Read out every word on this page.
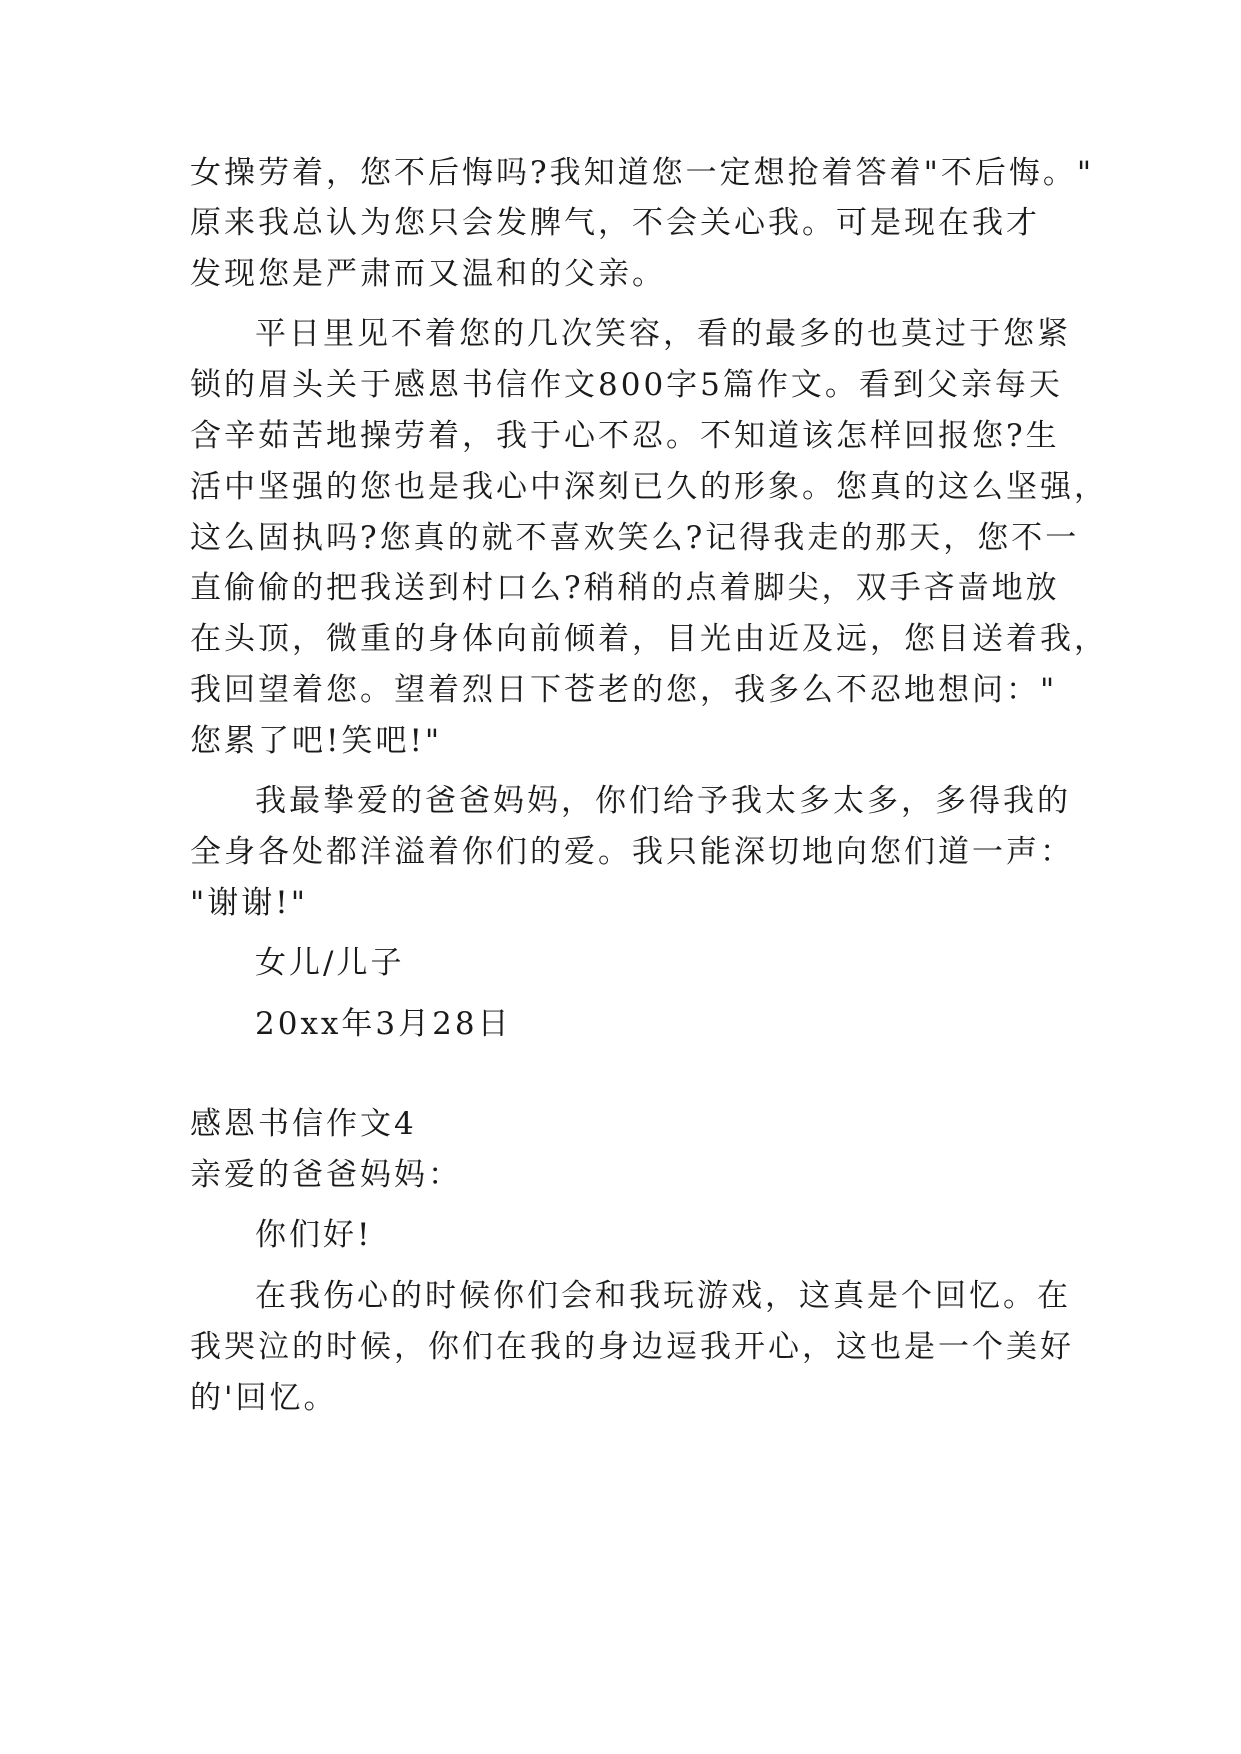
女操劳着，您不后悔吗?我知道您一定想抢着答着"不后悔。"
原来我总认为您只会发脾气，不会关心我。可是现在我才
发现您是严肃而又温和的父亲。
平日里见不着您的几次笑容，看的最多的也莫过于您紧
锁的眉头关于感恩书信作文800字5篇作文。看到父亲每天
含辛茹苦地操劳着，我于心不忍。不知道该怎样回报您?生
活中坚强的您也是我心中深刻已久的形象。您真的这么坚强，
这么固执吗?您真的就不喜欢笑么?记得我走的那天，您不一
直偷偷的把我送到村口么?稍稍的点着脚尖，双手吝啬地放
在头顶，微重的身体向前倾着，目光由近及远，您目送着我，
我回望着您。望着烈日下苍老的您，我多么不忍地想问："
您累了吧!笑吧!"
我最挚爱的爸爸妈妈，你们给予我太多太多，多得我的
全身各处都洋溢着你们的爱。我只能深切地向您们道一声：
"谢谢!"
女儿/儿子
20xx年3月28日
感恩书信作文4
亲爱的爸爸妈妈：
你们好!
在我伤心的时候你们会和我玩游戏，这真是个回忆。在
我哭泣的时候，你们在我的身边逗我开心，这也是一个美好
的'回忆。
